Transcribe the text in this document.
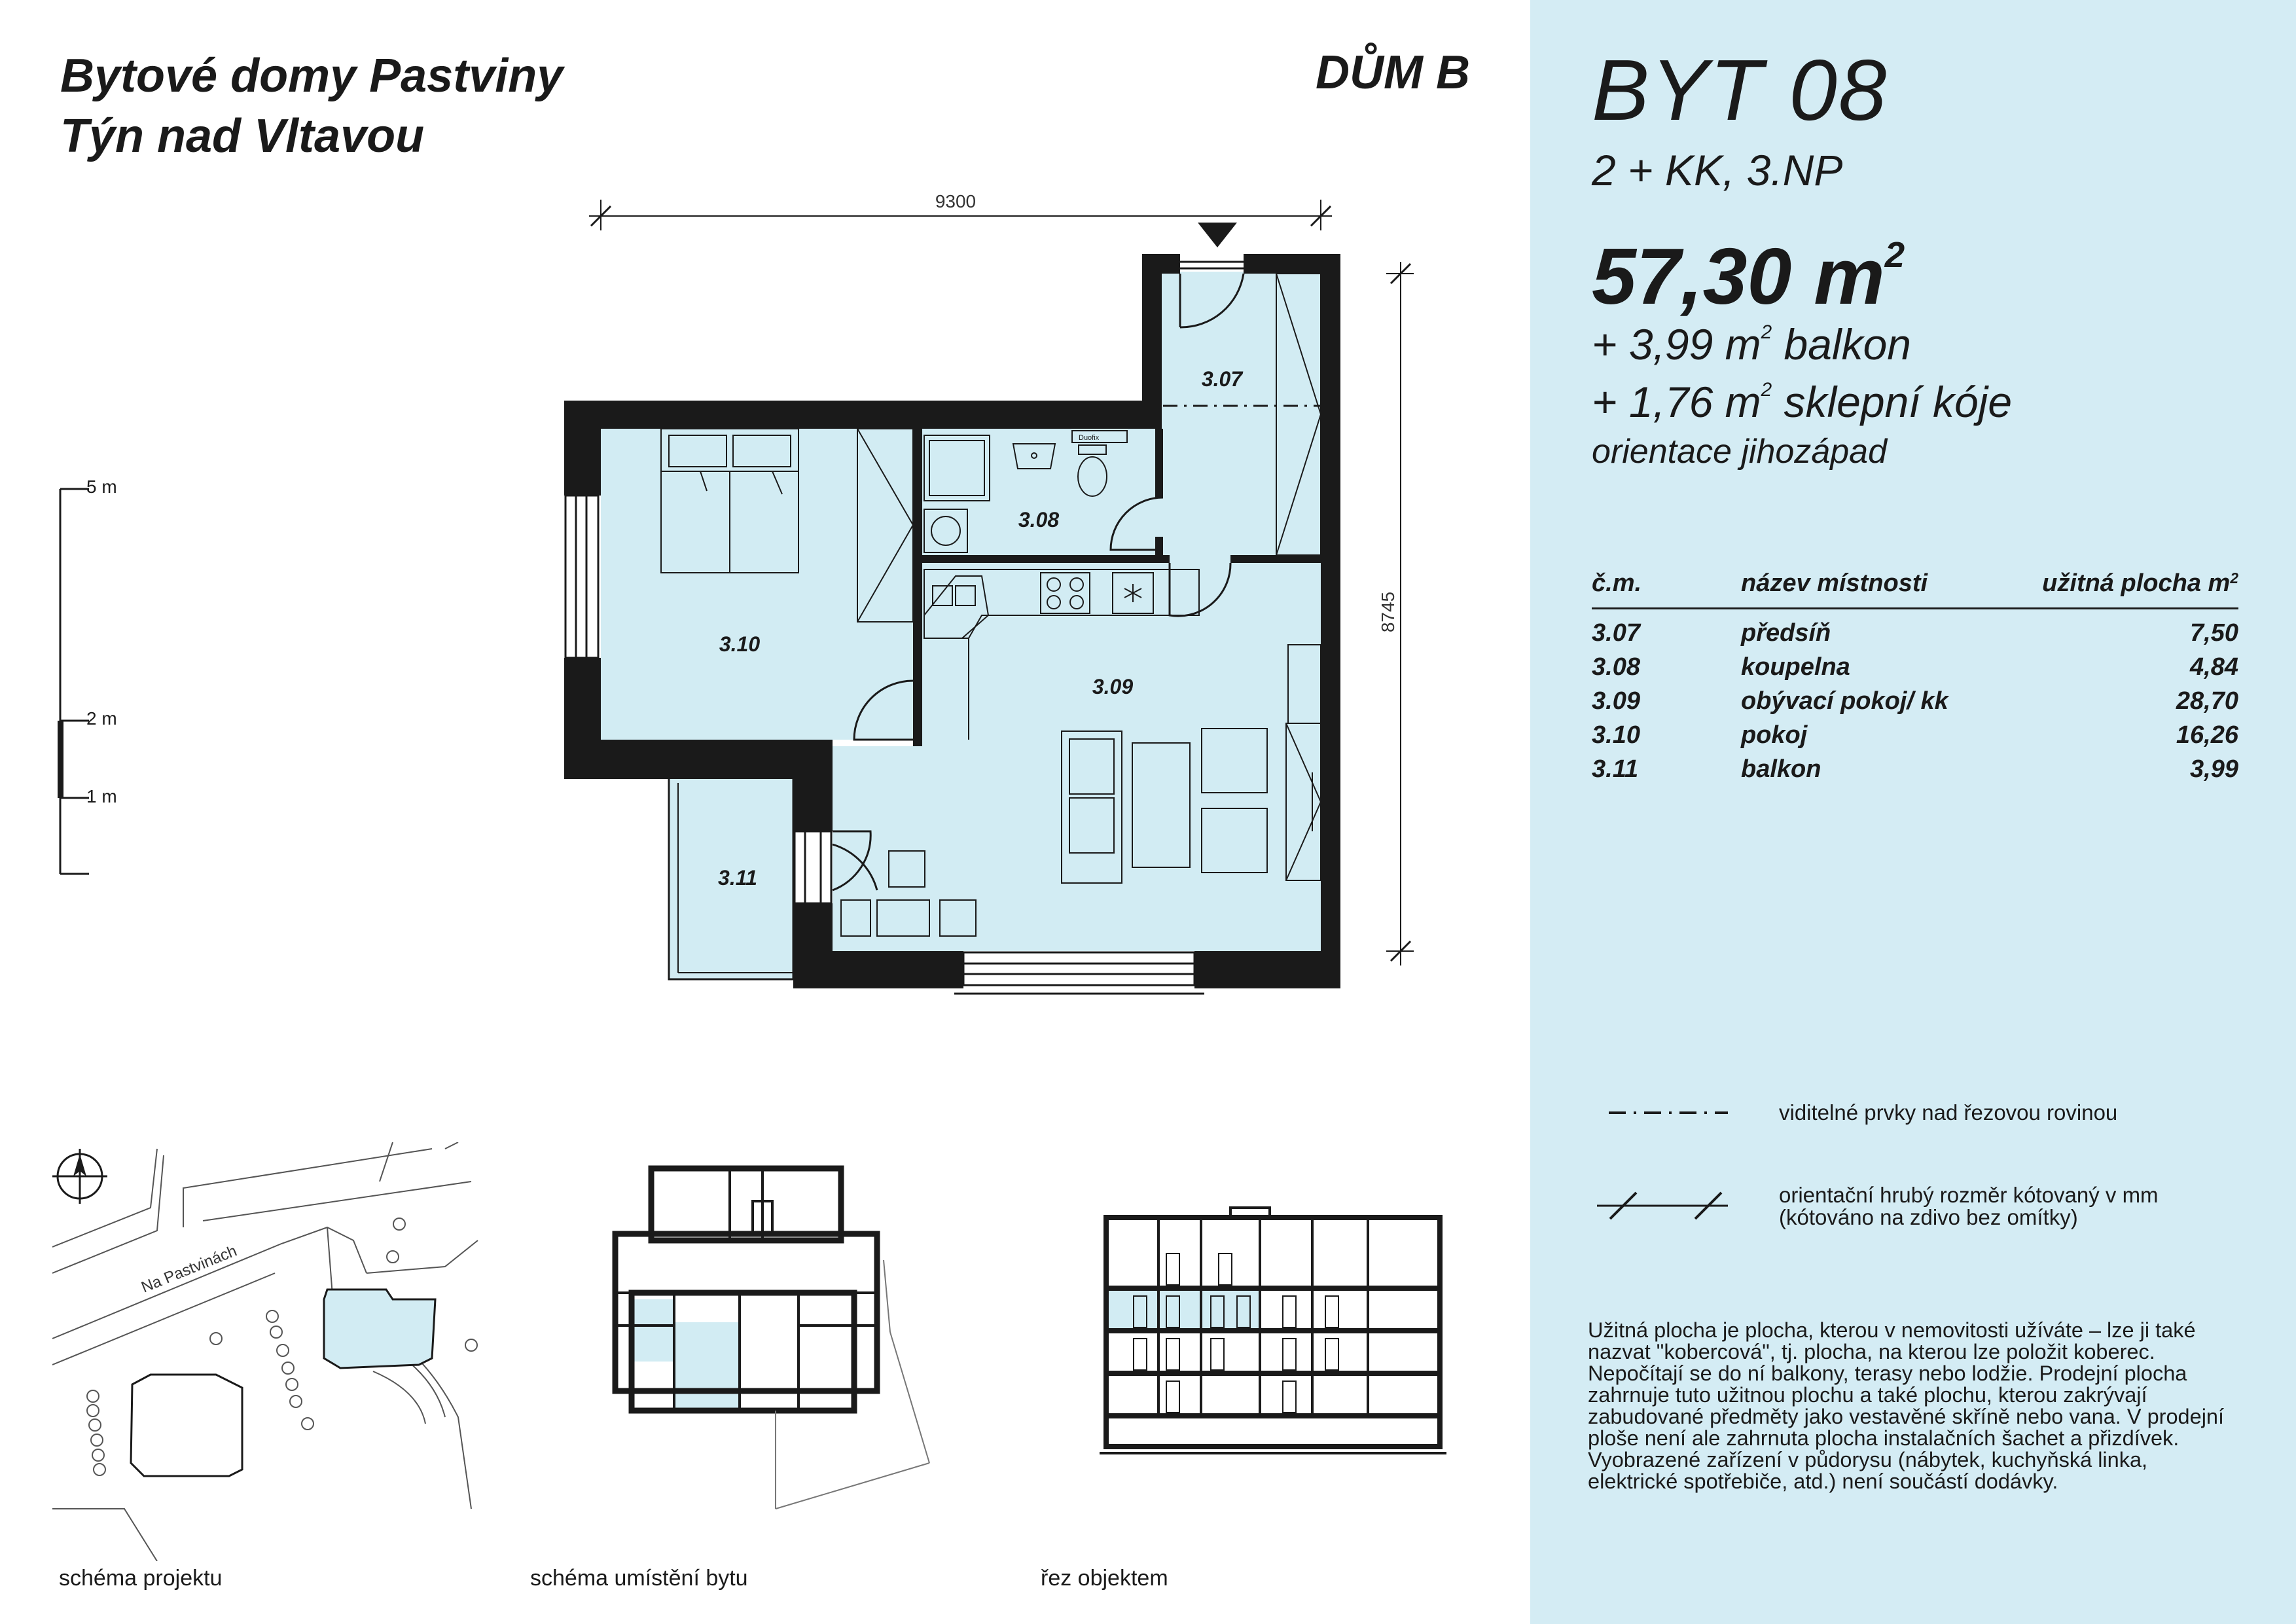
Bytové domy Pastviny
Týn nad Vltavou
DŮM B BYT 08
2 + KK, 3.NP
57,30 $m^2$
+ 3,99 $m^2$ balkon
+ 1,76 $m^2$ sklepní kóje
orientace jihozápad
č.m.	název místnosti	užitná plocha $m^2$
3.07	předsíň	7,50
3.08	koupelna	4,84
3.09	obývací pokoj/ kk	28,70
3.10	pokoj	16,26
3.11	balkon	3,99
viditelné prvky nad řezovou rovinou
orientační hrubý rozměr kótovaný v mm
(kótováno na zdivo bez omítky)
Užitná plocha je plocha, kterou v nemovitosti užíváte – lze ji také nazvat "kobercová", tj. plocha, na kterou lze položit koberec. Nepočítají se do ní balkony, terasy nebo lodžie. Prodejní plocha zahrnuje tuto užitnou plochu a také plochu, kterou zakrývají zabudované předměty jako vestavěné skříně nebo vana. V prodejní ploše není ale zahrnuta plocha instalačních šachet a přizdívek. Vyobrazené zařízení v půdorysu (nábytek, kuchyňská linka, elektrické spotřebiče, atd.) není součástí dodávky.
5 m
2 m
1 m
Duofix
9300
8745
3.07
3.08
3.09
3.10
3.11
Na Pastvinách
schéma projektu	schéma umístění bytu	řez objektem
